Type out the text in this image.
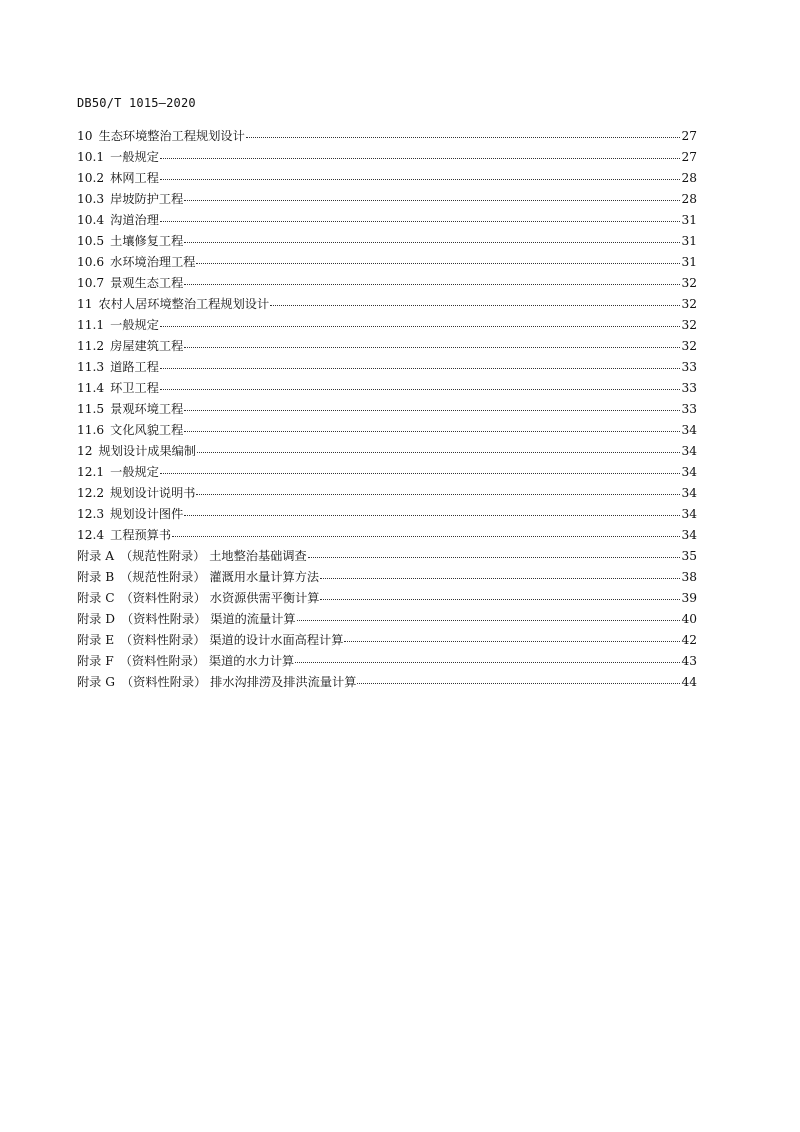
DB50/T 1015—2020
10 生态环境整治工程规划设计	27
10.1 一般规定	27
10.2 林网工程	28
10.3 岸坡防护工程	28
10.4 沟道治理	31
10.5 土壤修复工程	31
10.6 水环境治理工程	31
10.7 景观生态工程	32
11 农村人居环境整治工程规划设计	32
11.1 一般规定	32
11.2 房屋建筑工程	32
11.3 道路工程	33
11.4 环卫工程	33
11.5 景观环境工程	33
11.6 文化风貌工程	34
12 规划设计成果编制	34
12.1 一般规定	34
12.2 规划设计说明书	34
12.3 规划设计图件	34
12.4 工程预算书	34
附录 A （规范性附录） 土地整治基础调查	35
附录 B （规范性附录） 灌溉用水量计算方法	38
附录 C （资料性附录） 水资源供需平衡计算	39
附录 D （资料性附录） 渠道的流量计算	40
附录 E （资料性附录） 渠道的设计水面高程计算	42
附录 F （资料性附录） 渠道的水力计算	43
附录 G （资料性附录） 排水沟排涝及排洪流量计算	44
